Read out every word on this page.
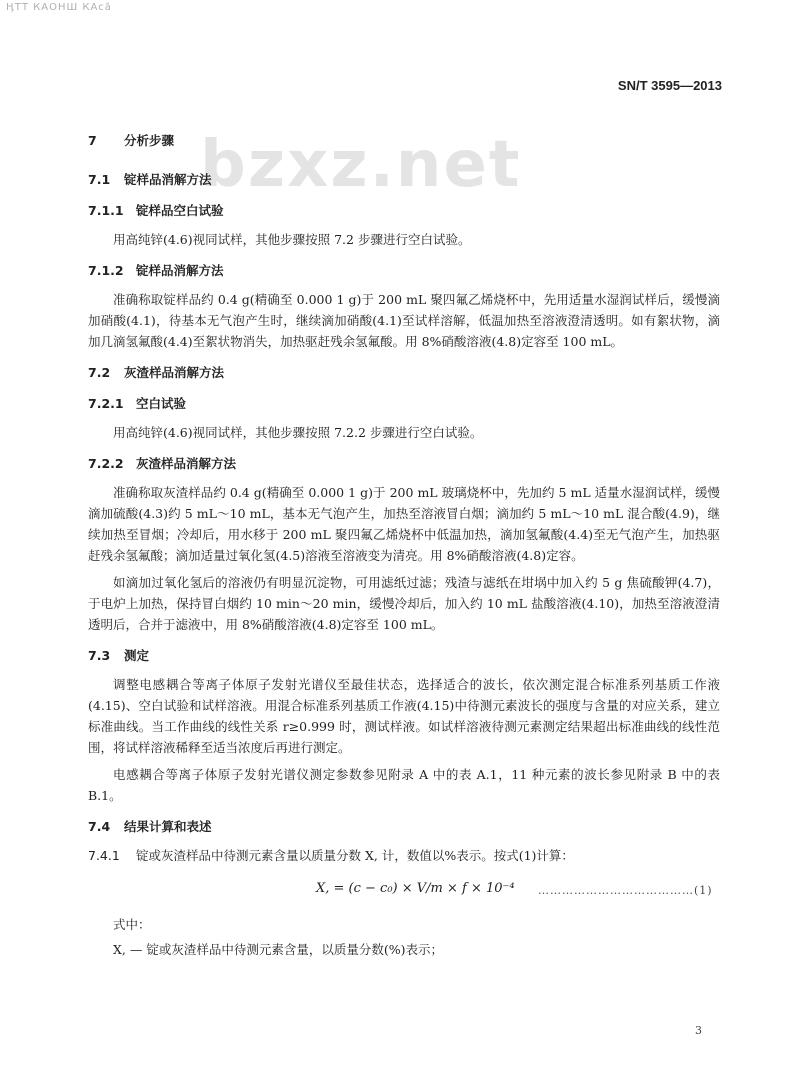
ӉТТ КАОНШ КАсă
SN/T 3595—2013
bzxz.net
7 分析步骤
7.1 锭样品消解方法
7.1.1 锭样品空白试验

用高纯锌(4.6)视同试样，其他步骤按照 7.2 步骤进行空白试验。

7.1.2 锭样品消解方法

准确称取锭样品约 0.4 g(精确至 0.000 1 g)于 200 mL 聚四氟乙烯烧杯中，先用适量水湿润试样后，缓慢滴加硝酸(4.1)，待基本无气泡产生时，继续滴加硝酸(4.1)至试样溶解，低温加热至溶液澄清透明。如有絮状物，滴加几滴氢氟酸(4.4)至絮状物消失，加热驱赶残余氢氟酸。用 8%硝酸溶液(4.8)定容至 100 mL。

7.2 灰渣样品消解方法
7.2.1 空白试验

用高纯锌(4.6)视同试样，其他步骤按照 7.2.2 步骤进行空白试验。

7.2.2 灰渣样品消解方法

准确称取灰渣样品约 0.4 g(精确至 0.000 1 g)于 200 mL 玻璃烧杯中，先加约 5 mL 适量水湿润试样，缓慢滴加硫酸(4.3)约 5 mL～10 mL，基本无气泡产生，加热至溶液冒白烟；滴加约 5 mL～10 mL 混合酸(4.9)，继续加热至冒烟；冷却后，用水移于 200 mL 聚四氟乙烯烧杯中低温加热，滴加氢氟酸(4.4)至无气泡产生，加热驱赶残余氢氟酸；滴加适量过氧化氢(4.5)溶液至溶液变为清亮。用 8%硝酸溶液(4.8)定容。

如滴加过氧化氢后的溶液仍有明显沉淀物，可用滤纸过滤；残渣与滤纸在坩埚中加入约 5 g 焦硫酸钾(4.7)，于电炉上加热，保持冒白烟约 10 min～20 min，缓慢冷却后，加入约 10 mL 盐酸溶液(4.10)，加热至溶液澄清透明后，合并于滤液中，用 8%硝酸溶液(4.8)定容至 100 mL。

7.3 测定

调整电感耦合等离子体原子发射光谱仪至最佳状态，选择适合的波长，依次测定混合标准系列基质工作液(4.15)、空白试验和试样溶液。用混合标准系列基质工作液(4.15)中待测元素波长的强度与含量的对应关系，建立标准曲线。当工作曲线的线性关系 r≥0.999 时，测试样液。如试样溶液待测元素测定结果超出标准曲线的线性范围，将试样溶液稀释至适当浓度后再进行测定。

电感耦合等离子体原子发射光谱仪测定参数参见附录 A 中的表 A.1，11 种元素的波长参见附录 B 中的表 B.1。

7.4 结果计算和表述
7.4.1 锭或灰渣样品中待测元素含量以质量分数 X, 计，数值以%表示。按式(1)计算：
X, = (c − c₀) × V/m × f × 10⁻⁴ …………………………………(1)
式中：
X, — 锭或灰渣样品中待测元素含量，以质量分数(%)表示；
3
